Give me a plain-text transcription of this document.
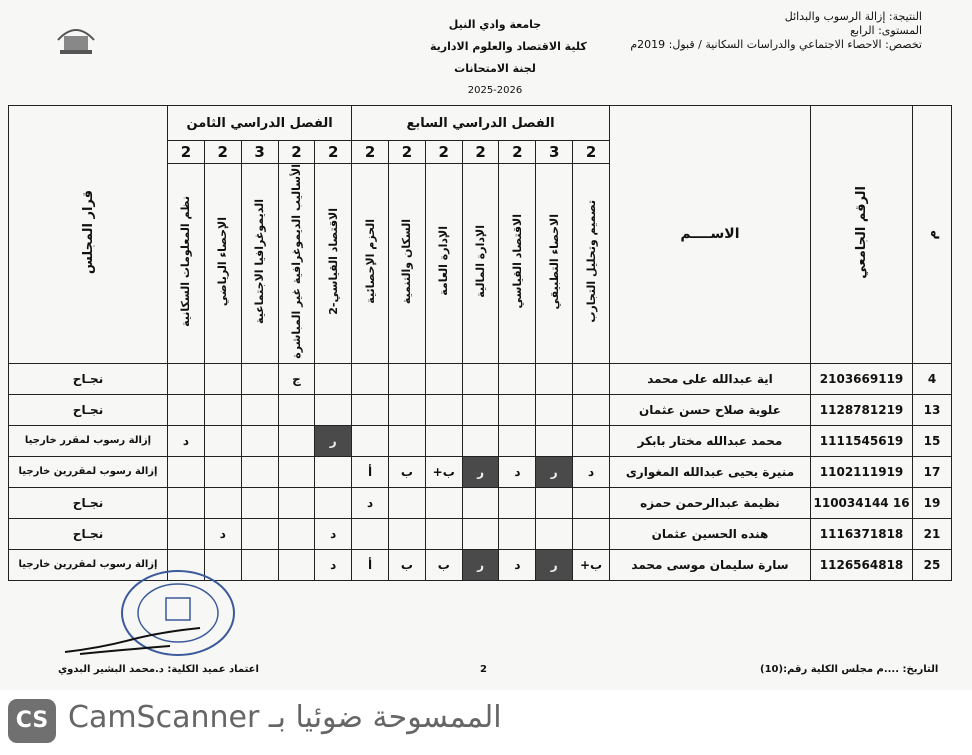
جامعة وادي النيل
كلية الاقتصاد والعلوم الادارية
لجنة الامتحانات
2025-2026
النتيجة: إزالة الرسوب والبدائل
المستوى: الرابع
تخصص: الاحصاء الاجتماعي والدراسات السكانية / قبول: 2019م
م	الرقم الجامعي	الاســــم	الفصل الدراسي السابع							الفصل الدراسي الثامن					قرار المجلس
			2	3	2	2	2	2	2	2	2	3	2	2	
			تصميم وتحليل التجارب	الاحصاء التطبيقي	الاقتصاد القياسي	الإدارة المالية	الإدارة العامة	السكان والتنمية	الحزم الإحصائية	الاقتصاد القياسي-2	الأساليب الديموغرافية غير المباشرة	الديموغرافيا الاجتماعية	الإحصاء الرياضي	نظم المعلومات السكانية	
4	2103669119	اية عبدالله على محمد									ج				نجـاح
13	1128781219	علوية صلاح حسن عثمان													نجـاح
15	1111545619	محمد عبدالله مختار بابكر								ر				د	إزالة رسوب لمقرر خارجيا
17	1102111919	منيرة يحيى عبدالله المغوارى	د	ر	د	ر	ب+	ب	أ						إزالة رسوب لمقررين خارجيا
19	16 110034144	نظيمة عبدالرحمن حمزه							د						نجـاح
21	1116371818	هنده الحسين عثمان								د			د		نجـاح
25	1126564818	سارة سليمان موسى محمد	ب+	ر	د	ر	ب	ب	أ	د					إزالة رسوب لمقررين خارجيا
اعتماد عميد الكلية: د.محمد البشير البدوي	2	التاريخ: ....م مجلس الكلية رقم:(10)
CS الممسوحة ضوئيا بـ CamScanner
